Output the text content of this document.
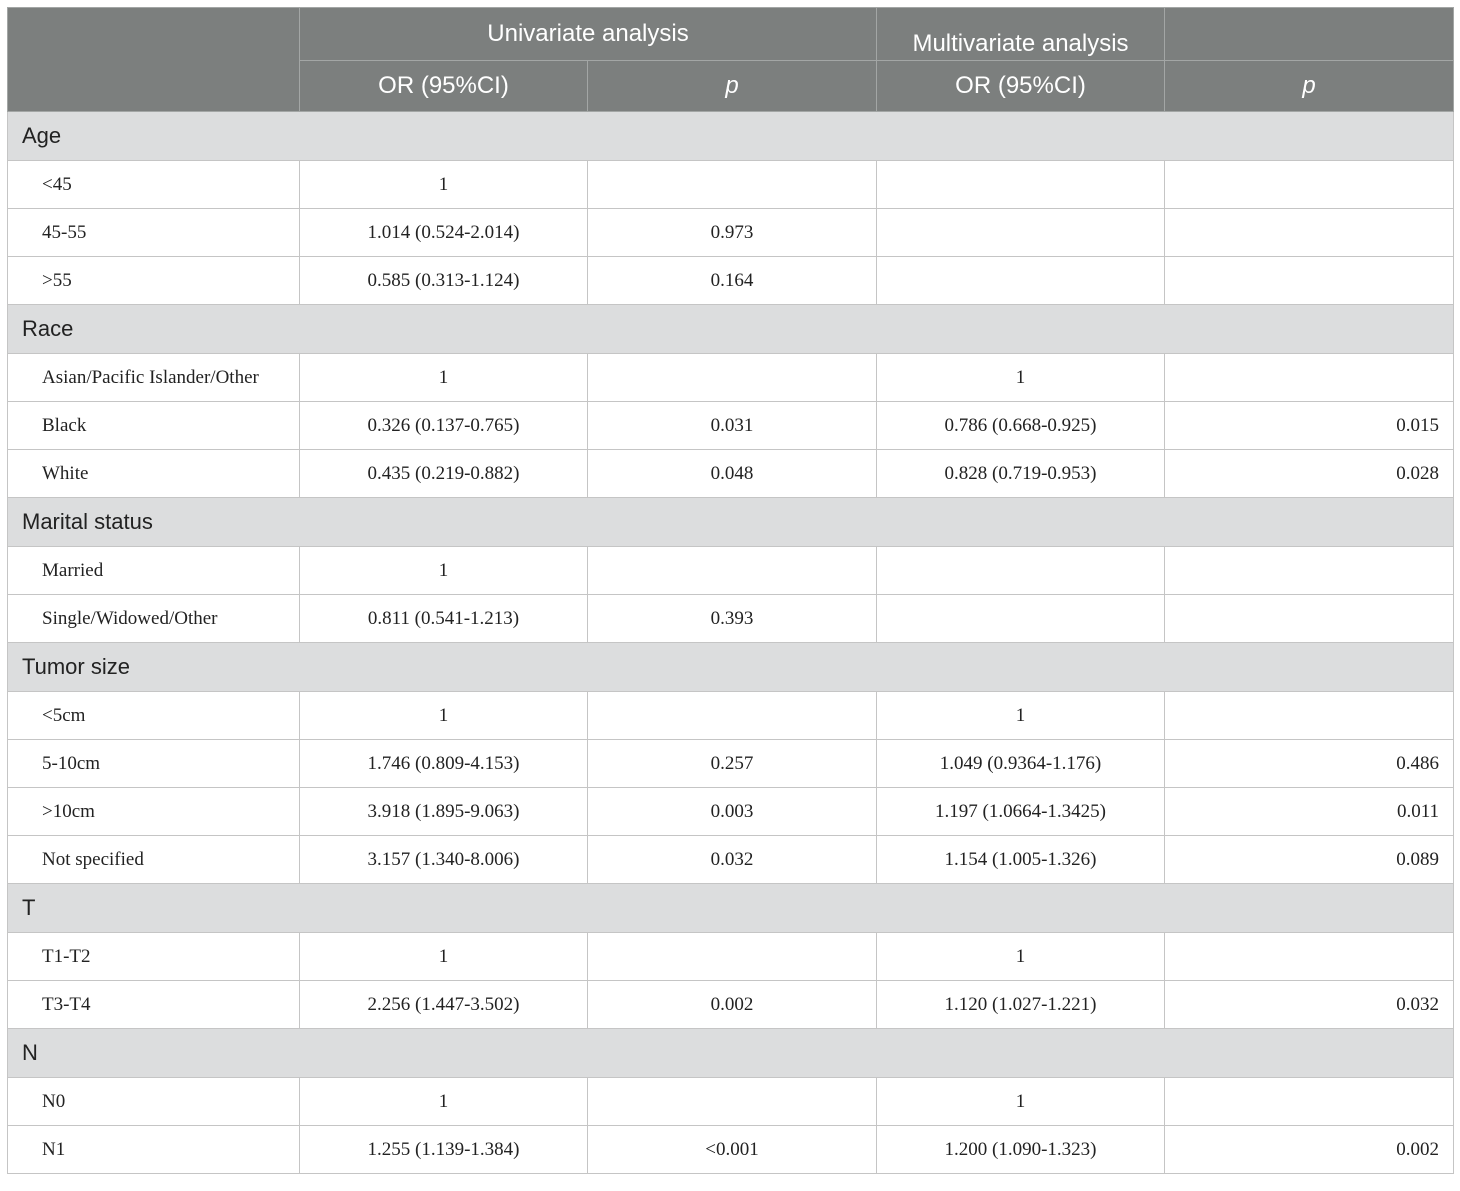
	Univariate analysis		Multivariate analysis	
	OR (95%CI)	p	OR (95%CI)	p
Age				
<45	1			
45-55	1.014 (0.524-2.014)	0.973		
>55	0.585 (0.313-1.124)	0.164		
Race				
Asian/Pacific Islander/Other	1		1	
Black	0.326 (0.137-0.765)	0.031	0.786 (0.668-0.925)	0.015
White	0.435 (0.219-0.882)	0.048	0.828 (0.719-0.953)	0.028
Marital status				
Married	1			
Single/Widowed/Other	0.811 (0.541-1.213)	0.393		
Tumor size				
<5cm	1		1	
5-10cm	1.746 (0.809-4.153)	0.257	1.049 (0.9364-1.176)	0.486
>10cm	3.918 (1.895-9.063)	0.003	1.197 (1.0664-1.3425)	0.011
Not specified	3.157 (1.340-8.006)	0.032	1.154 (1.005-1.326)	0.089
T				
T1-T2	1		1	
T3-T4	2.256 (1.447-3.502)	0.002	1.120 (1.027-1.221)	0.032
N				
N0	1		1	
N1	1.255 (1.139-1.384)	<0.001	1.200 (1.090-1.323)	0.002
